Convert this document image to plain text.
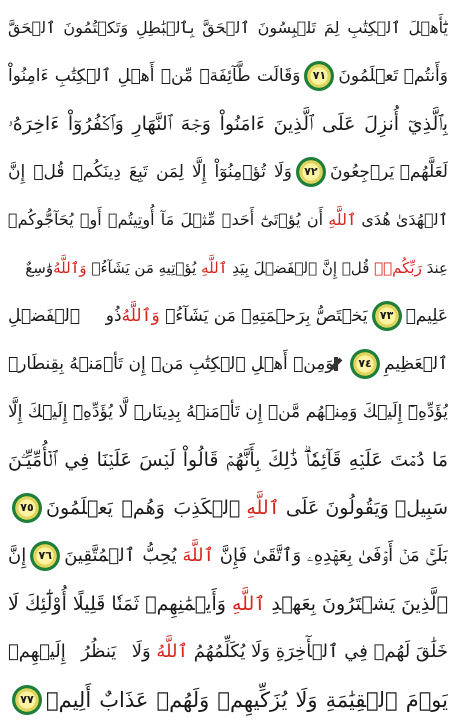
يَٰٓأَهۡلَ ٱلۡكِتَٰبِ لِمَ تَلۡبِسُونَ ٱلۡحَقَّ بِٱلۡبَٰطِلِ وَتَكۡتُمُونَ ٱلۡحَقَّ
وَأَنتُمۡ تَعۡلَمُونَ
٧١
وَقَالَت طَّآئِفَةٞ مِّنۡ أَهۡلِ ٱلۡكِتَٰبِ ءَامِنُواْ
بِٱلَّذِيٓ أُنزِلَ عَلَى ٱلَّذِينَ ءَامَنُواْ وَجۡهَ ٱلنَّهَارِ وَٱكۡفُرُوٓاْ ءَاخِرَهُۥ
لَعَلَّهُمۡ يَرۡجِعُونَ
٧٢
وَلَا تُؤۡمِنُوٓاْ إِلَّا لِمَن تَبِعَ دِينَكُمۡ قُلۡ إِنَّ
ٱلۡهُدَىٰ هُدَى

ٱللَّهِ

أَن يُؤۡتَىٰٓ أَحَدٞ مِّثۡلَ مَآ أُوتِيتُمۡ أَوۡ يُحَآجُّوكُمۡ
عِندَ

رَبِّكُمۡۗ

قُلۡ إِنَّ ٱلۡفَضۡلَ بِيَدِ

ٱللَّهِ

يُؤۡتِيهِ مَن يَشَآءُۗ

وَٱللَّهُ
وَٰسِعٌ
عَلِيمٞ
٧٣
يَخۡتَصُّ بِرَحۡمَتِهِۦ مَن يَشَآءُۗ

وَٱللَّهُ
ذُو ٱلۡفَضۡلِ
ٱلۡعَظِيمِ
٧٤
وَمِنۡ أَهۡلِ ٱلۡكِتَٰبِ مَنۡ إِن تَأۡمَنۡهُ بِقِنطَارٖ
يُؤَدِّهِۦٓ إِلَيۡكَ وَمِنۡهُم مَّنۡ إِن تَأۡمَنۡهُ بِدِينَارٖ لَّا يُؤَدِّهِۦٓ إِلَيۡكَ إِلَّا
مَا دُمۡتَ عَلَيۡهِ قَآئِمٗاۗ ذَٰلِكَ بِأَنَّهُمۡ قَالُواْ لَيۡسَ عَلَيۡنَا فِي ٱلۡأُمِّيِّـۧنَ
سَبِيلٞ وَيَقُولُونَ عَلَى

ٱللَّهِ

ٱلۡكَذِبَ وَهُمۡ يَعۡلَمُونَ
٧٥
بَلَىٰۚ مَنۡ أَوۡفَىٰ بِعَهۡدِهِۦ وَٱتَّقَىٰ فَإِنَّ

ٱللَّهَ

يُحِبُّ ٱلۡمُتَّقِينَ
٧٦
إِنَّ
ٱلَّذِينَ يَشۡتَرُونَ بِعَهۡدِ

ٱللَّهِ

وَأَيۡمَٰنِهِمۡ ثَمَنٗا قَلِيلًا أُوْلَٰٓئِكَ لَا
خَلَٰقَ لَهُمۡ فِي ٱلۡأٓخِرَةِ وَلَا يُكَلِّمُهُمُ

ٱللَّهُ

وَلَا يَنظُرُ إِلَيۡهِمۡ
يَوۡمَ ٱلۡقِيَٰمَةِ وَلَا يُزَكِّيهِمۡ وَلَهُمۡ عَذَابٌ أَلِيمٞ
٧٧
